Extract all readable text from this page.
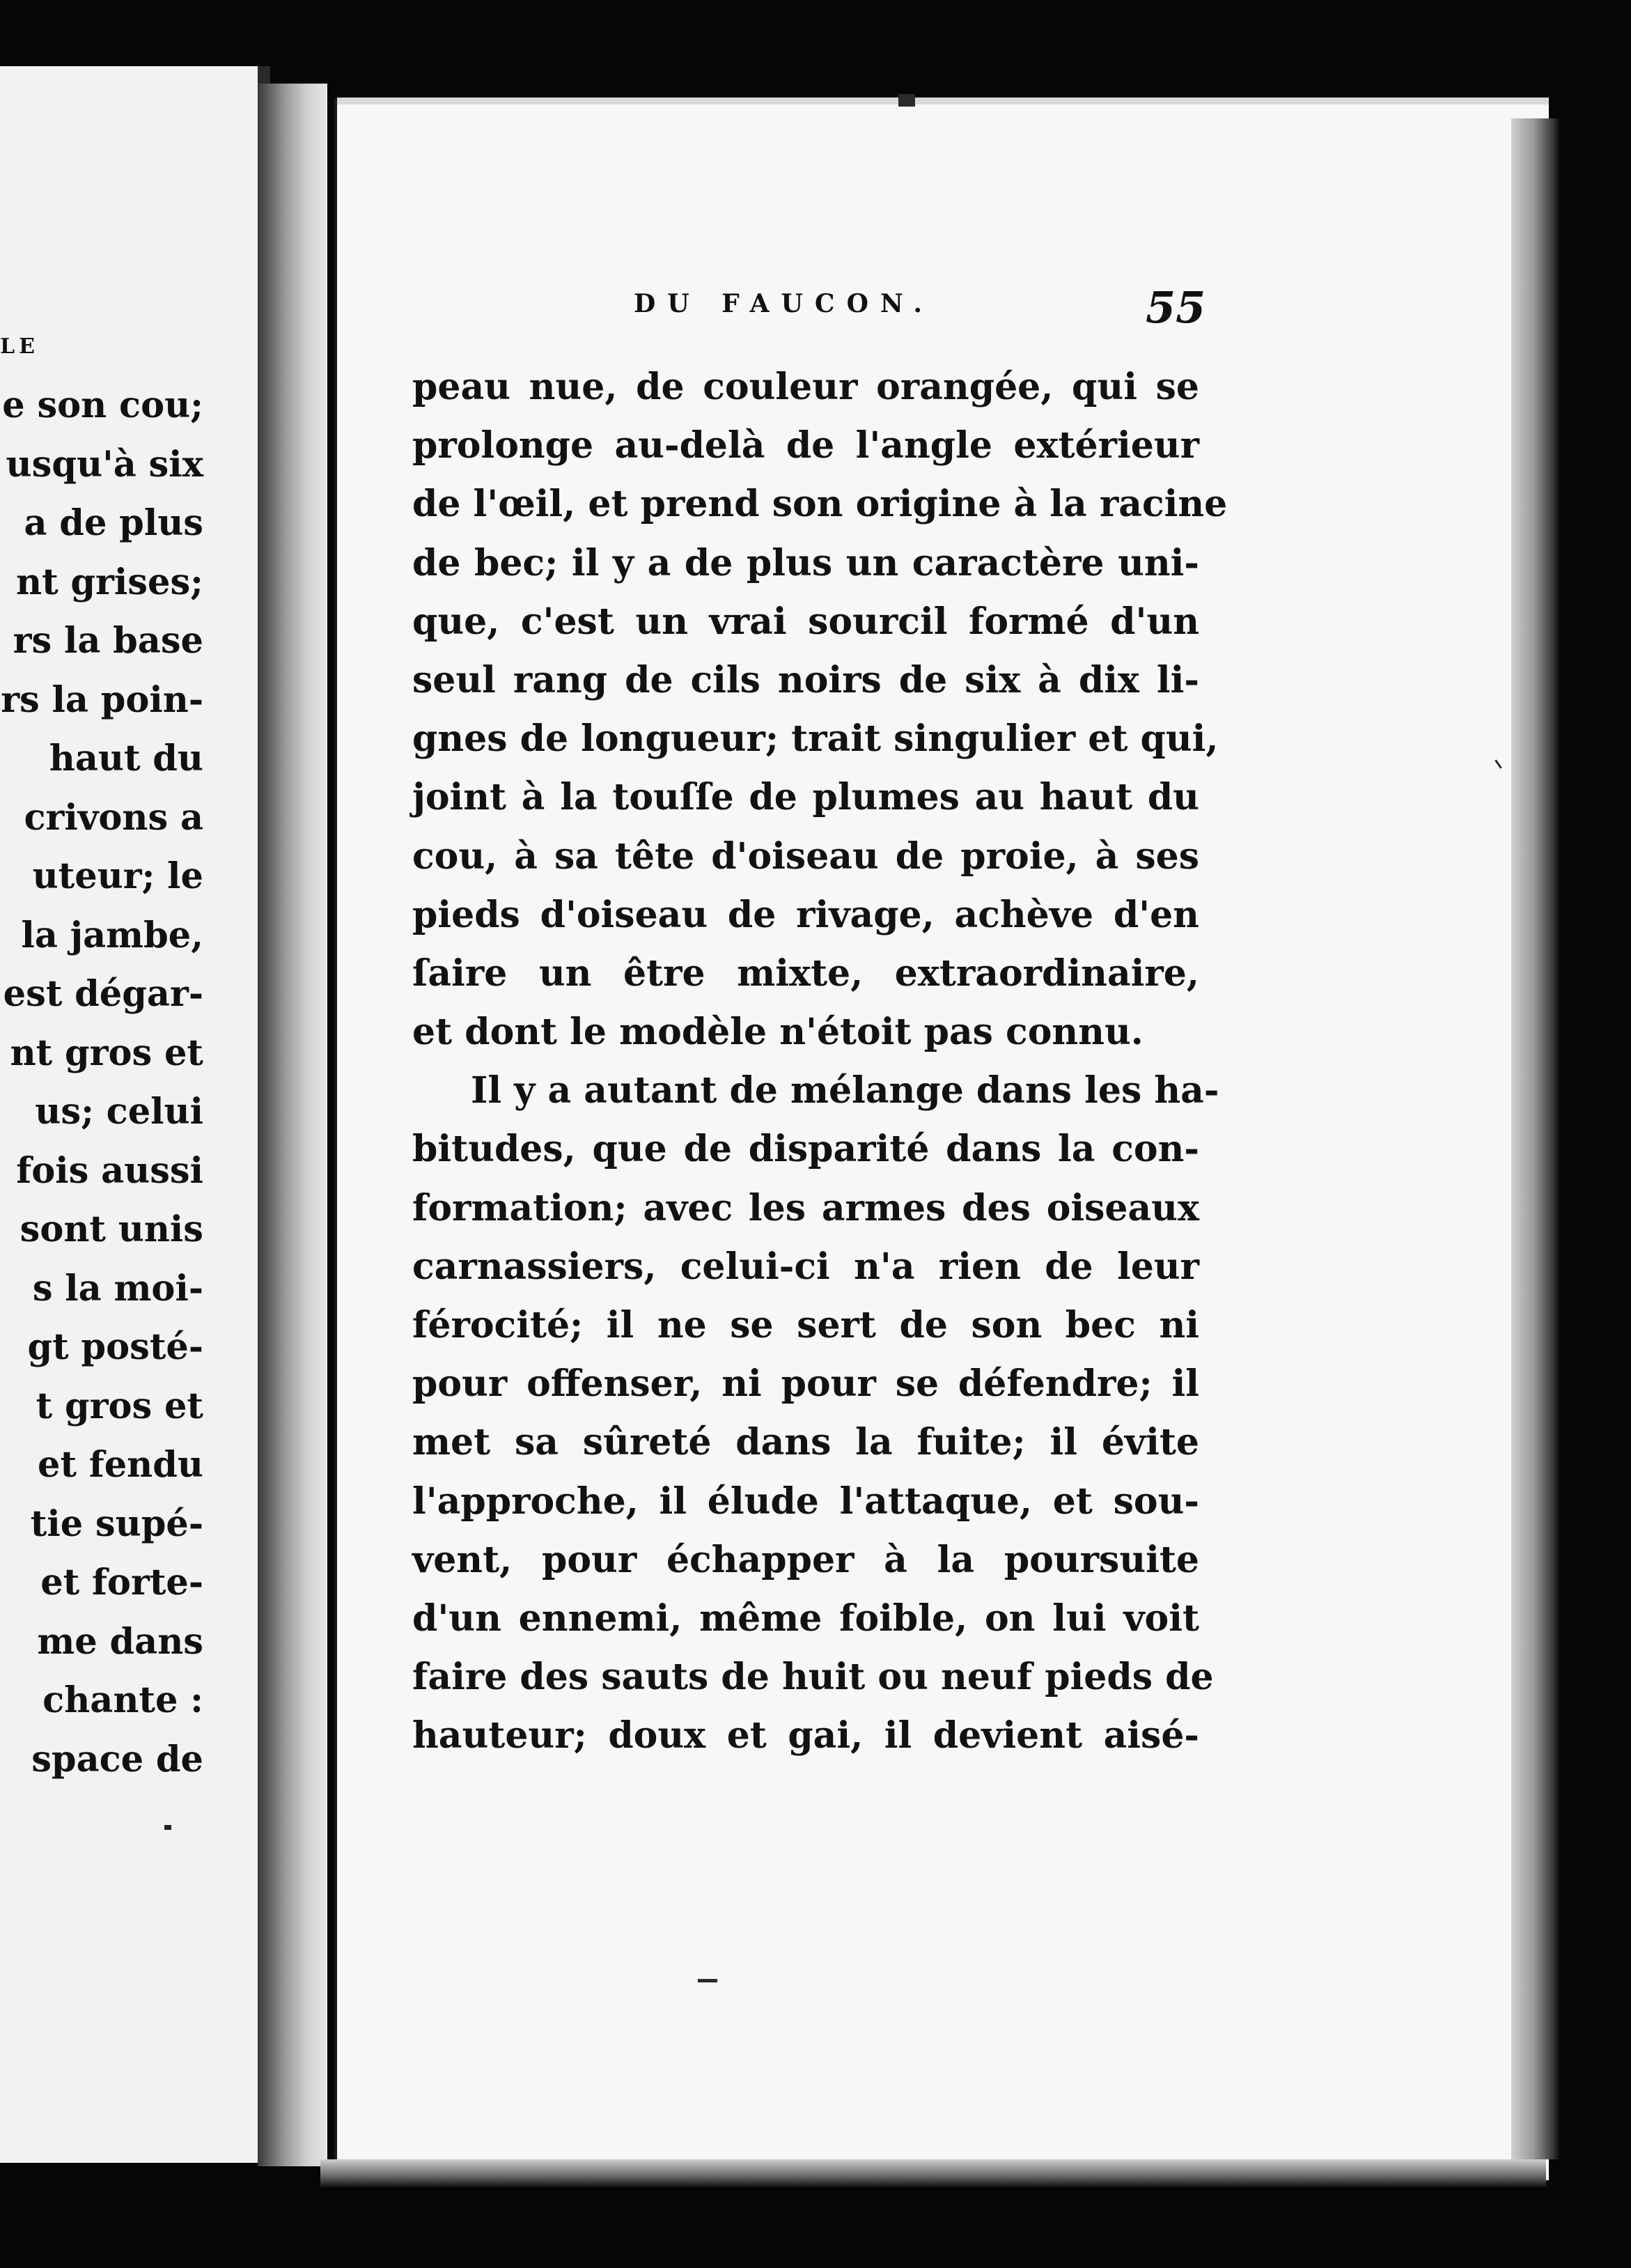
LE
e son cou;
usqu'à six
a de plus
nt grises;
rs la base
rs la poin-
haut du
crivons a
uteur; le
la jambe,
est dégar-
nt gros et
us; celui
fois aussi
sont unis
s la moi-
gt posté-
t gros et
et fendu
tie supé-
et forte-
me dans
chante :
space de
DU FAUCON.	55
peau nue, de couleur orangée, qui se
prolonge au-delà de l'angle extérieur
de l'œil, et prend son origine à la racine
de bec; il y a de plus un caractère uni-
que, c'est un vrai sourcil formé d'un
seul rang de cils noirs de six à dix li-
gnes de longueur; trait singulier et qui,
joint à la touſſe de plumes au haut du
cou, à sa tête d'oiseau de proie, à ses
pieds d'oiseau de rivage, achève d'en
ſaire un être mixte, extraordinaire,
et dont le modèle n'étoit pas connu.
Il y a autant de mélange dans les ha-
bitudes, que de disparité dans la con-
formation; avec les armes des oiseaux
carnassiers, celui-ci n'a rien de leur
férocité; il ne se sert de son bec ni
pour offenser, ni pour se défendre; il
met sa sûreté dans la fuite; il évite
l'approche, il élude l'attaque, et sou-
vent, pour échapper à la poursuite
d'un ennemi, même foible, on lui voit
faire des sauts de huit ou neuf pieds de
hauteur; doux et gai, il devient aisé-
